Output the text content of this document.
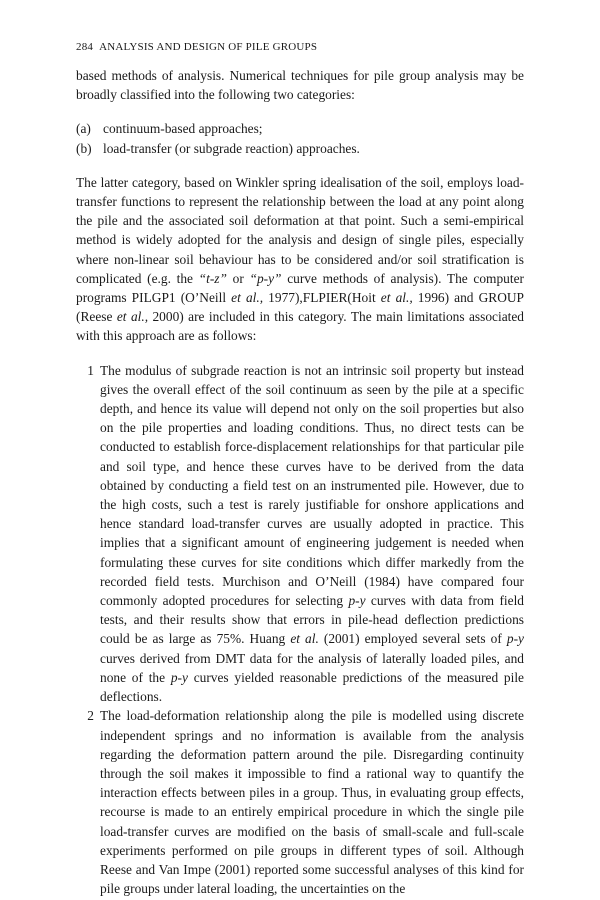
284 ANALYSIS AND DESIGN OF PILE GROUPS

based methods of analysis. Numerical techniques for pile group analysis may be broadly classified into the following two categories:

(a) continuum-based approaches;
(b) load-transfer (or subgrade reaction) approaches.

The latter category, based on Winkler spring idealisation of the soil, employs load-transfer functions to represent the relationship between the load at any point along the pile and the associated soil deformation at that point. Such a semi-empirical method is widely adopted for the analysis and design of single piles, especially where non-linear soil behaviour has to be considered and/or soil stratification is complicated (e.g. the “t-z” or “p-y” curve methods of analysis). The computer programs PILGP1 (O’Neill et al., 1977),FLPIER(Hoit et al., 1996) and GROUP (Reese et al., 2000) are included in this category. The main limitations associated with this approach are as follows:

1 The modulus of subgrade reaction is not an intrinsic soil property but instead gives the overall effect of the soil continuum as seen by the pile at a specific depth, and hence its value will depend not only on the soil properties but also on the pile properties and loading conditions. Thus, no direct tests can be conducted to establish force-displacement relationships for that particular pile and soil type, and hence these curves have to be derived from the data obtained by conducting a field test on an instrumented pile. However, due to the high costs, such a test is rarely justifiable for onshore applications and hence standard load-transfer curves are usually adopted in practice. This implies that a significant amount of engineering judgement is needed when formulating these curves for site conditions which differ markedly from the recorded field tests. Murchison and O’Neill (1984) have compared four commonly adopted procedures for selecting p-y curves with data from field tests, and their results show that errors in pile-head deflection predictions could be as large as 75%. Huang et al. (2001) employed several sets of p-y curves derived from DMT data for the analysis of laterally loaded piles, and none of the p-y curves yielded reasonable predictions of the measured pile deflections.
2 The load-deformation relationship along the pile is modelled using discrete independent springs and no information is available from the analysis regarding the deformation pattern around the pile. Disregarding continuity through the soil makes it impossible to find a rational way to quantify the interaction effects between piles in a group. Thus, in evaluating group effects, recourse is made to an entirely empirical procedure in which the single pile load-transfer curves are modified on the basis of small-scale and full-scale experiments performed on pile groups in different types of soil. Although Reese and Van Impe (2001) reported some successful analyses of this kind for pile groups under lateral loading, the uncertainties on the
